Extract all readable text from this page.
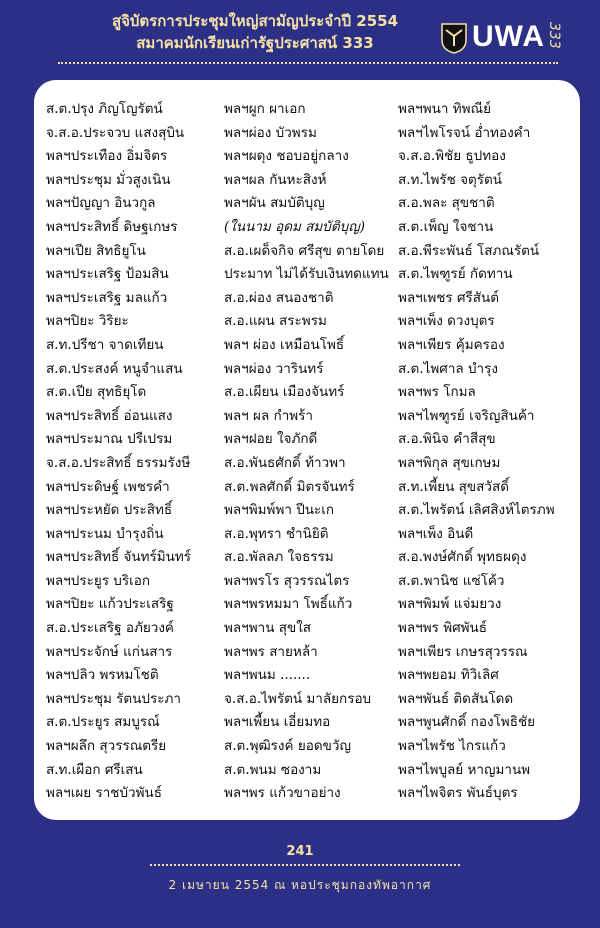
สูจิบัตรการประชุมใหญ่สามัญประจำปี 2554
สมาคมนักเรียนเก่ารัฐประศาสน์ 333	UWA 333
ส.ต.ปรุง ภิญโญรัตน์
จ.ส.อ.ประจวบ แสงสุบิน
พลฯประเทือง อิ่มจิตร
พลฯประชุม มั่วสูงเนิน
พลฯปัญญา อินวกูล
พลฯประสิทธิ์ ดิษฐเกษร
พลฯเปีย สิทธิยูโน
พลฯประเสริฐ ป้อมสิน
พลฯประเสริฐ มลแก้ว
พลฯปิยะ วิริยะ
ส.ท.ปรีชา จาดเทียน
ส.ต.ประสงค์ หนูจำแสน
ส.ต.เปีย สุทธิยุโด
พลฯประสิทธิ์ อ่อนแสง
พลฯประมาณ ปรีเปรม
จ.ส.อ.ประสิทธิ์ ธรรมรังษี
พลฯประดิษฐ์ เพชรคำ
พลฯประหยัด ประสิทธิ์
พลฯประนม บำรุงถิ่น
พลฯประสิทธิ์ จันทร์มินทร์
พลฯประยูร บริเอก
พลฯปิยะ แก้วประเสริฐ
ส.อ.ประเสริฐ อภัยวงค์
พลฯประจักษ์ แก่นสาร
พลฯปลิว พรหมโชติ
พลฯประชุม รัตนประภา
ส.ต.ประยูร สมบูรณ์
พลฯผลึก สุวรรณตรีย
ส.ท.เผือก ศรีเสน
พลฯเผย ราชบัวพันธ์
พลฯผูก ผาเอก
พลฯผ่อง บัวพรม
พลฯผดุง ชอบอยู่กลาง
พลฯผล กันหะสิงห์
พลฯผัน สมบัติบุญ
(ในนาม อุดม สมบัติบุญ)
ส.อ.เผด็จกิจ ศรีสุข ตายโดย
ประมาท ไม่ได้รับเงินทดแทน
ส.อ.ผ่อง สนองชาติ
ส.อ.แผน สระพรม
พลฯ ผ่อง เหมือนโพธิ์
พลฯผ่อง วารินทร์
ส.อ.เผียน เมืองจันทร์
พลฯ ผล กำพร้า
พลฯฝอย ใจภักดี
ส.อ.พันธศักดิ์ ท้าวพา
ส.ต.พลศักดิ์ มิตรจันทร์
พลฯพิมพ์พา ปีนะเก
ส.อ.พุทรา ชำนิยิติ
ส.อ.พัลลภ ใจธรรม
พลฯพรโร สุวรรณไตร
พลฯพรหมมา โพธิ์แก้ว
พลฯพาน สุขใส
พลฯพร สายหล้า
พลฯพนม .......
จ.ส.อ.ไพรัตน์ มาลัยกรอบ
พลฯเพี้ยน เอี่ยมทอ
ส.ต.พุฒิรงค์ ยอดขวัญ
ส.ต.พนม ซองาม
พลฯพร แก้วขาอย่าง
พลฯพนา ทิพณีย์
พลฯไพโรจน์ อ่ำทองคำ
จ.ส.อ.พิชัย ธูปทอง
ส.ท.ไพรัช จตุรัตน์
ส.อ.พละ สุขชาติ
ส.ต.เพ็ญ ใจชาน
ส.อ.พีระพันธ์ โสภณรัตน์
ส.ต.ไพฑูรย์ กัดทาน
พลฯเพชร ศรีสันต์
พลฯเพ็ง ดวงบุตร
พลฯเพียร คุ้มครอง
ส.ต.ไพศาล บำรุง
พลฯพร โกมล
พลฯไพฑูรย์ เจริญสินค้า
ส.อ.พินิจ คำสีสุข
พลฯพิกุล สุขเกษม
ส.ท.เพี้ยน สุขสวัสดิ์
ส.ต.ไพรัตน์ เลิศสิงห์ไตรภพ
พลฯเพ็ง อินดี
ส.อ.พงษ์ศักดิ์ พุทธผดุง
ส.ต.พานิช แซ่โค้ว
พลฯพิมพ์ แจ่มยวง
พลฯพร พิศพันธ์
พลฯเพียร เกษรสุวรรณ
พลฯพยอม ทิวิเลิศ
พลฯพันธ์ ติดสันโดด
พลฯพูนศักดิ์ กองโพธิชัย
พลฯไพรัช ไกรแก้ว
พลฯไพบูลย์ หาญมานพ
พลฯไพจิตร พันธ์บุตร
241
2 เมษายน 2554 ณ หอประชุมกองทัพอากาศ
